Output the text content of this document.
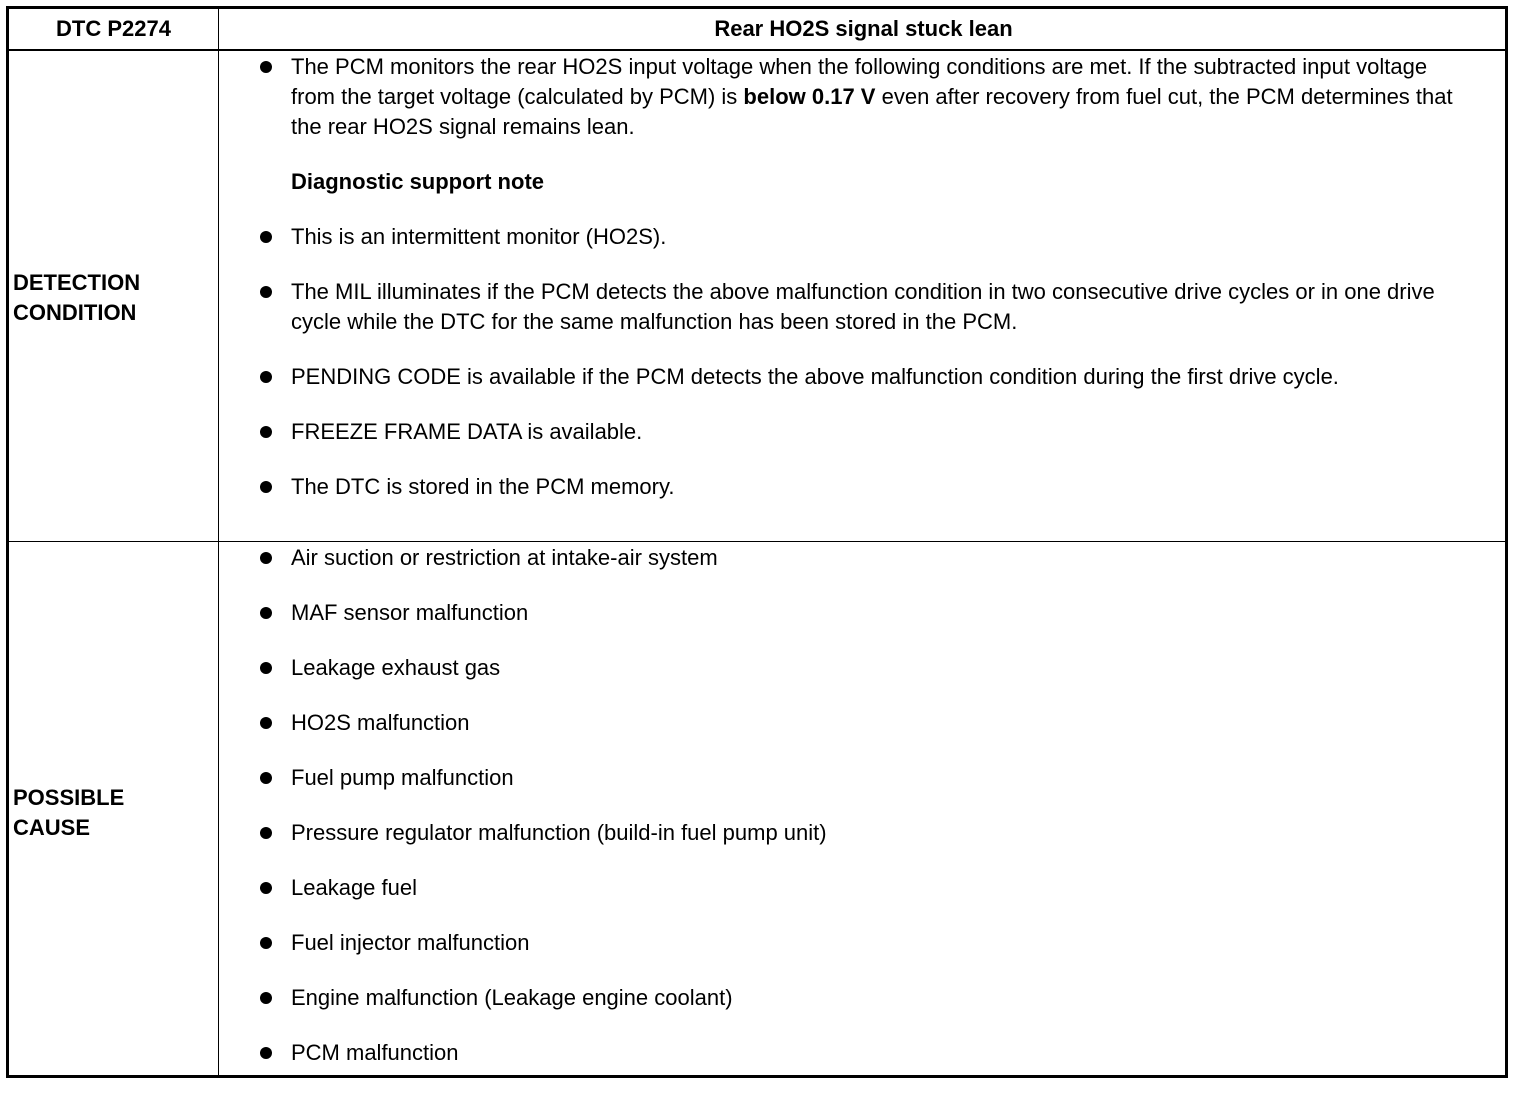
DTC P2274	Rear HO2S signal stuck lean
DETECTION
CONDITION
POSSIBLE
CAUSE
The PCM monitors the rear HO2S input voltage when the following conditions are met. If the subtracted input voltage from the target voltage (calculated by PCM) is below 0.17 V even after recovery from fuel cut, the PCM determines that the rear HO2S signal remains lean.
Diagnostic support note
This is an intermittent monitor (HO2S).
The MIL illuminates if the PCM detects the above malfunction condition in two consecutive drive cycles or in one drive cycle while the DTC for the same malfunction has been stored in the PCM.
PENDING CODE is available if the PCM detects the above malfunction condition during the first drive cycle.
FREEZE FRAME DATA is available.
The DTC is stored in the PCM memory.
Air suction or restriction at intake-air system
MAF sensor malfunction
Leakage exhaust gas
HO2S malfunction
Fuel pump malfunction
Pressure regulator malfunction (build-in fuel pump unit)
Leakage fuel
Fuel injector malfunction
Engine malfunction (Leakage engine coolant)
PCM malfunction
